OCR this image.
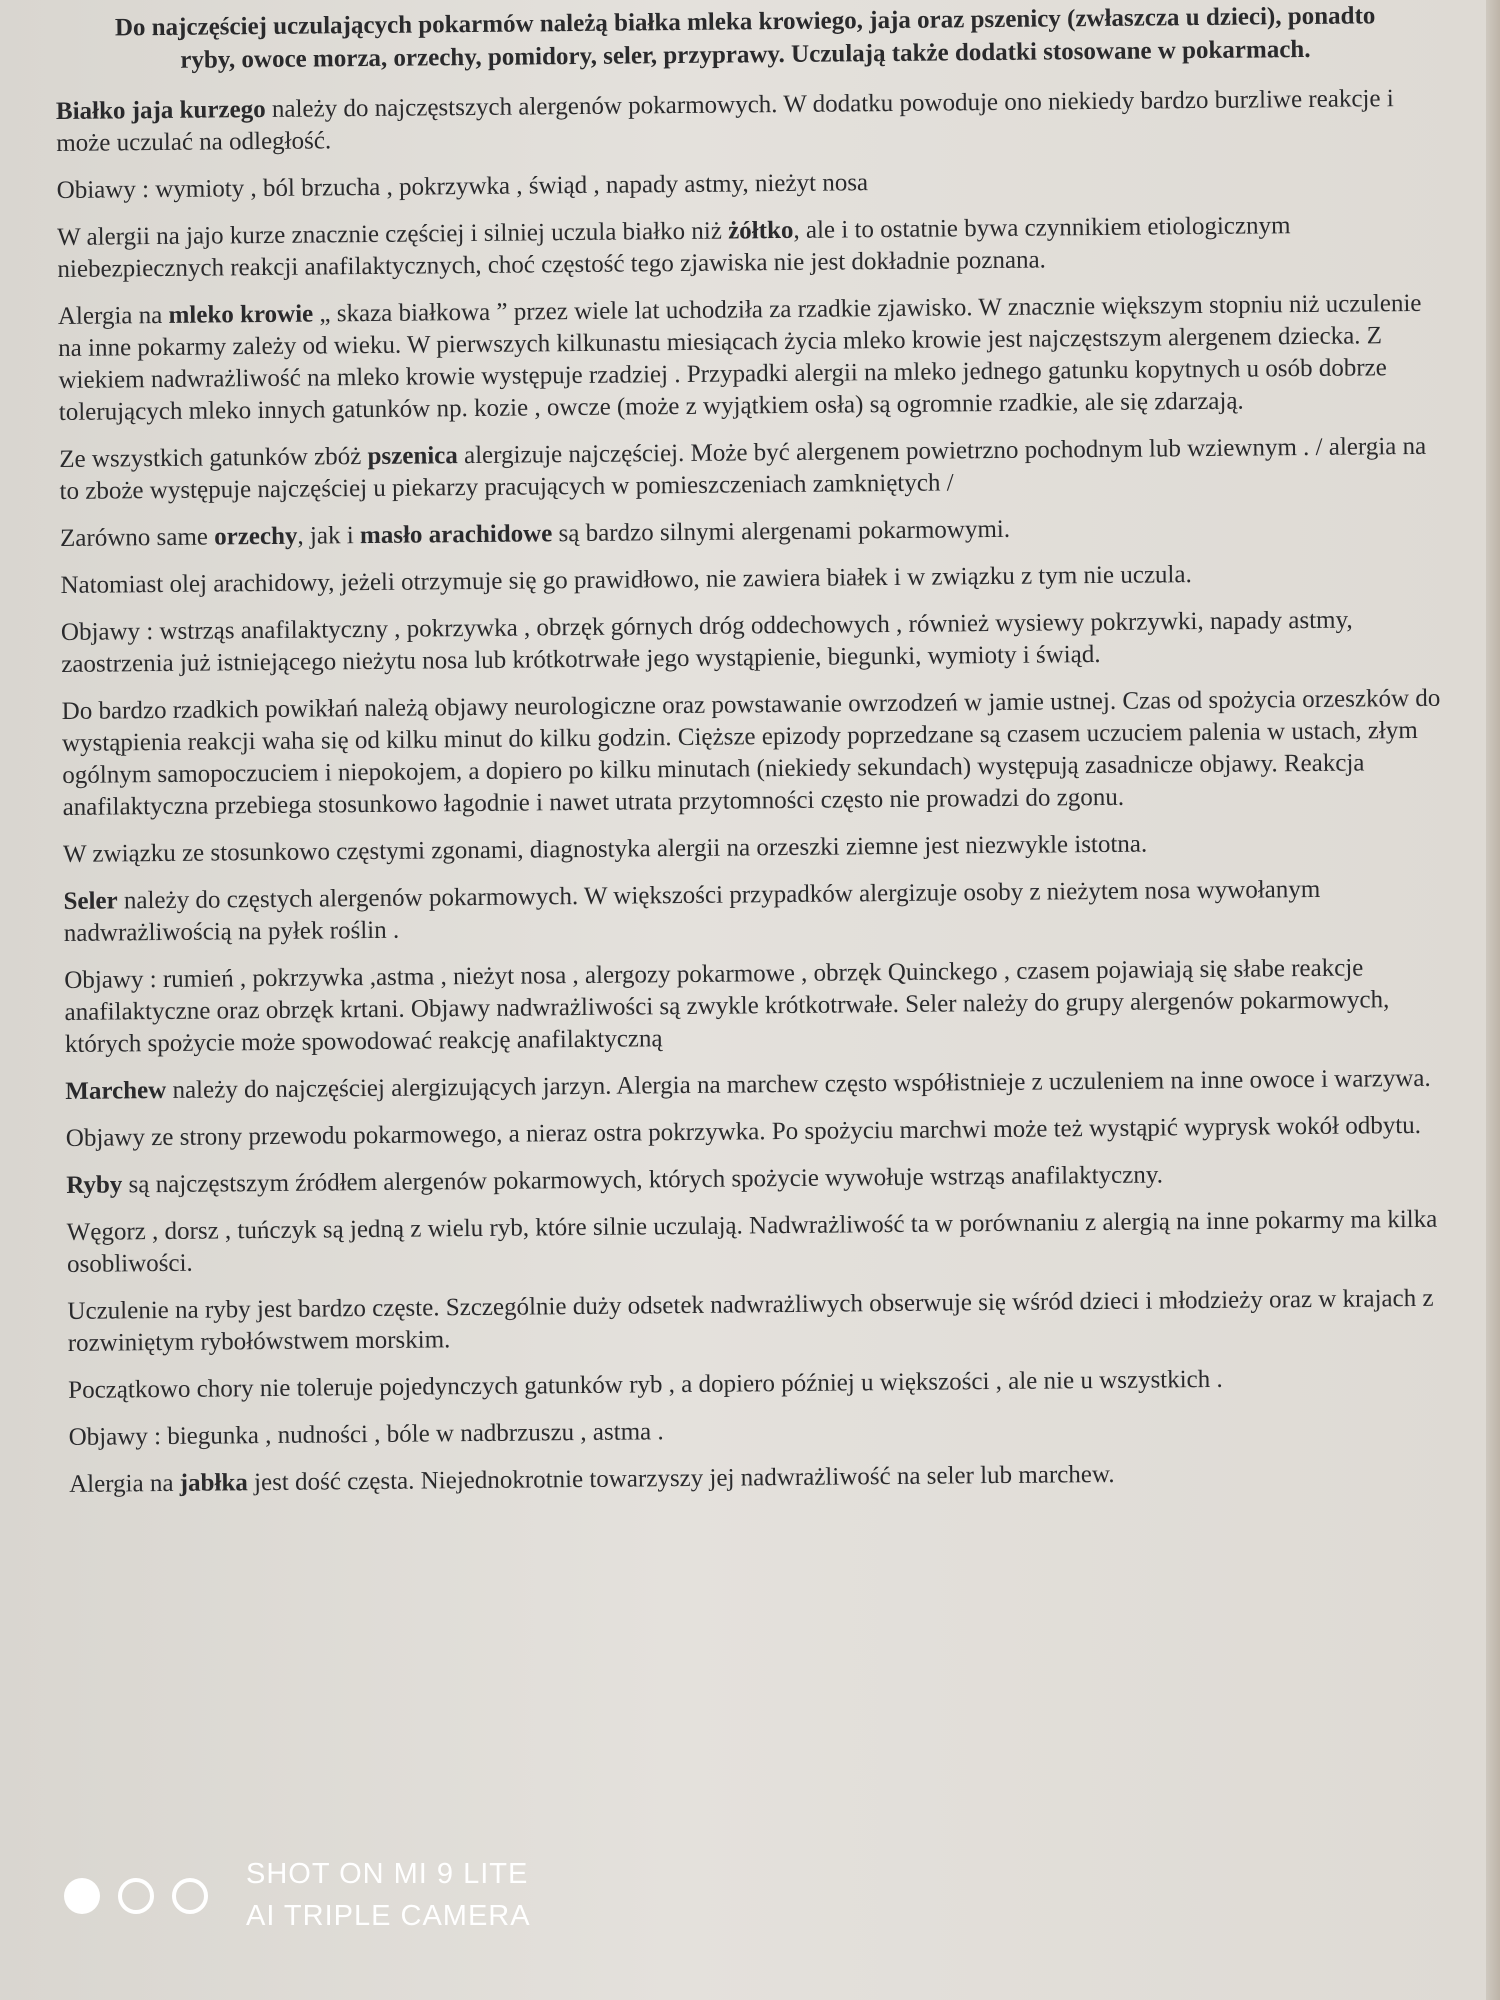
Do najczęściej uczulających pokarmów należą białka mleka krowiego, jaja oraz pszenicy (zwłaszcza u dzieci), ponadto ryby, owoce morza, orzechy, pomidory, seler, przyprawy. Uczulają także dodatki stosowane w pokarmach.

Białko jaja kurzego należy do najczęstszych alergenów pokarmowych. W dodatku powoduje ono niekiedy bardzo burzliwe reakcje i może uczulać na odległość.

Obiawy : wymioty , ból brzucha , pokrzywka , świąd , napady astmy, nieżyt nosa

W alergii na jajo kurze znacznie częściej i silniej uczula białko niż żółtko, ale i to ostatnie bywa czynnikiem etiologicznym niebezpiecznych reakcji anafilaktycznych, choć częstość tego zjawiska nie jest dokładnie poznana.

Alergia na mleko krowie „ skaza białkowa ” przez wiele lat uchodziła za rzadkie zjawisko. W znacznie większym stopniu niż uczulenie na inne pokarmy zależy od wieku. W pierwszych kilkunastu miesiącach życia mleko krowie jest najczęstszym alergenem dziecka. Z wiekiem nadwrażliwość na mleko krowie występuje rzadziej . Przypadki alergii na mleko jednego gatunku kopytnych u osób dobrze tolerujących mleko innych gatunków np. kozie , owcze (może z wyjątkiem osła) są ogromnie rzadkie, ale się zdarzają.

Ze wszystkich gatunków zbóż pszenica alergizuje najczęściej. Może być alergenem powietrzno pochodnym lub wziewnym . / alergia na to zboże występuje najczęściej u piekarzy pracujących w pomieszczeniach zamkniętych /

Zarówno same orzechy, jak i masło arachidowe są bardzo silnymi alergenami pokarmowymi.

Natomiast olej arachidowy, jeżeli otrzymuje się go prawidłowo, nie zawiera białek i w związku z tym nie uczula.

Objawy : wstrząs anafilaktyczny , pokrzywka , obrzęk górnych dróg oddechowych , również wysiewy pokrzywki, napady astmy, zaostrzenia już istniejącego nieżytu nosa lub krótkotrwałe jego wystąpienie, biegunki, wymioty i świąd.

Do bardzo rzadkich powikłań należą objawy neurologiczne oraz powstawanie owrzodzeń w jamie ustnej. Czas od spożycia orzeszków do wystąpienia reakcji waha się od kilku minut do kilku godzin. Cięższe epizody poprzedzane są czasem uczuciem palenia w ustach, złym ogólnym samopoczuciem i niepokojem, a dopiero po kilku minutach (niekiedy sekundach) występują zasadnicze objawy. Reakcja anafilaktyczna przebiega stosunkowo łagodnie i nawet utrata przytomności często nie prowadzi do zgonu.

W związku ze stosunkowo częstymi zgonami, diagnostyka alergii na orzeszki ziemne jest niezwykle istotna.

Seler należy do częstych alergenów pokarmowych. W większości przypadków alergizuje osoby z nieżytem nosa wywołanym nadwrażliwością na pyłek roślin .

Objawy : rumień , pokrzywka ,astma , nieżyt nosa , alergozy pokarmowe , obrzęk Quinckego , czasem pojawiają się słabe reakcje anafilaktyczne oraz obrzęk krtani. Objawy nadwrażliwości są zwykle krótkotrwałe. Seler należy do grupy alergenów pokarmowych, których spożycie może spowodować reakcję anafilaktyczną

Marchew należy do najczęściej alergizujących jarzyn. Alergia na marchew często współistnieje z uczuleniem na inne owoce i warzywa.

Objawy ze strony przewodu pokarmowego, a nieraz ostra pokrzywka. Po spożyciu marchwi może też wystąpić wyprysk wokół odbytu.

Ryby są najczęstszym źródłem alergenów pokarmowych, których spożycie wywołuje wstrząs anafilaktyczny.

Węgorz , dorsz , tuńczyk są jedną z wielu ryb, które silnie uczulają. Nadwrażliwość ta w porównaniu z alergią na inne pokarmy ma kilka osobliwości.

Uczulenie na ryby jest bardzo częste. Szczególnie duży odsetek nadwrażliwych obserwuje się wśród dzieci i młodzieży oraz w krajach z rozwiniętym rybołówstwem morskim.

Początkowo chory nie toleruje pojedynczych gatunków ryb , a dopiero później u większości , ale nie u wszystkich .

Objawy : biegunka , nudności , bóle w nadbrzuszu , astma .

Alergia na jabłka jest dość częsta. Niejednokrotnie towarzyszy jej nadwrażliwość na seler lub marchew.

SHOT ON MI 9 LITE
AI TRIPLE CAMERA
